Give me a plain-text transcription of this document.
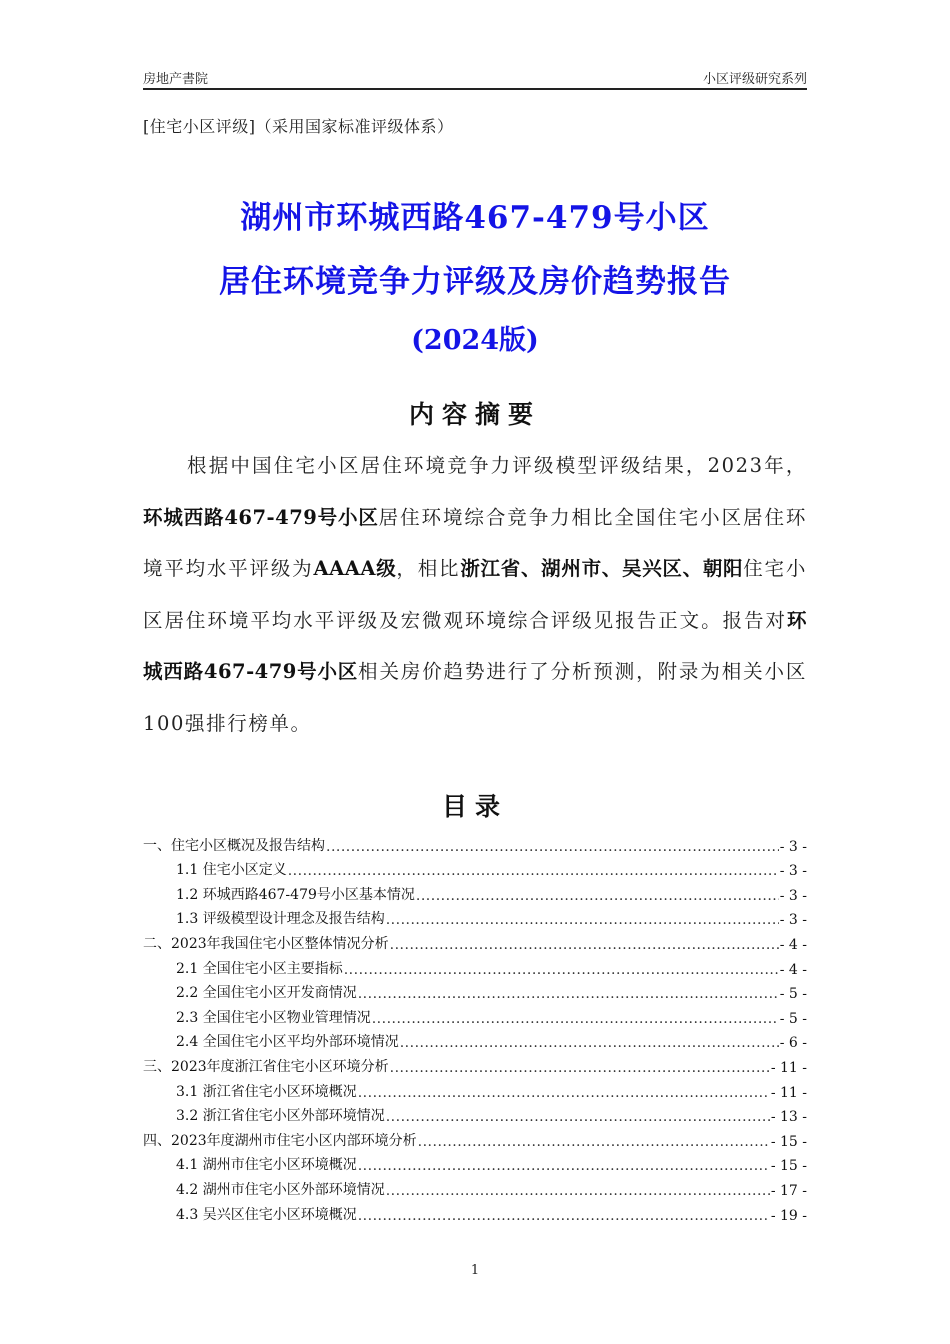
房地产書院	小区评级研究系列
[住宅小区评级]（采用国家标准评级体系）
湖州市环城西路467-479号小区
居住环境竞争力评级及房价趋势报告
(2024版)
内容摘要
根据中国住宅小区居住环境竞争力评级模型评级结果，2023年，环城西路467-479号小区居住环境综合竞争力相比全国住宅小区居住环境平均水平评级为AAAA级，相比浙江省、湖州市、吴兴区、朝阳住宅小区居住环境平均水平评级及宏微观环境综合评级见报告正文。报告对环城西路467-479号小区相关房价趋势进行了分析预测，附录为相关小区100强排行榜单。
目录
一、住宅小区概况及报告结构 .....	- 3 -
1.1 住宅小区定义 .....	- 3 -
1.2 环城西路467-479号小区基本情况 .....	- 3 -
1.3 评级模型设计理念及报告结构 .....	- 3 -
二、2023年我国住宅小区整体情况分析 .....	- 4 -
2.1 全国住宅小区主要指标 .....	- 4 -
2.2 全国住宅小区开发商情况 .....	- 5 -
2.3 全国住宅小区物业管理情况 .....	- 5 -
2.4 全国住宅小区平均外部环境情况 .....	- 6 -
三、2023年度浙江省住宅小区环境分析 .....	- 11 -
3.1 浙江省住宅小区环境概况 .....	- 11 -
3.2 浙江省住宅小区外部环境情况 .....	- 13 -
四、2023年度湖州市住宅小区内部环境分析 .....	- 15 -
4.1 湖州市住宅小区环境概况 .....	- 15 -
4.2 湖州市住宅小区外部环境情况 .....	- 17 -
4.3 吴兴区住宅小区环境概况 .....	- 19 -
1
